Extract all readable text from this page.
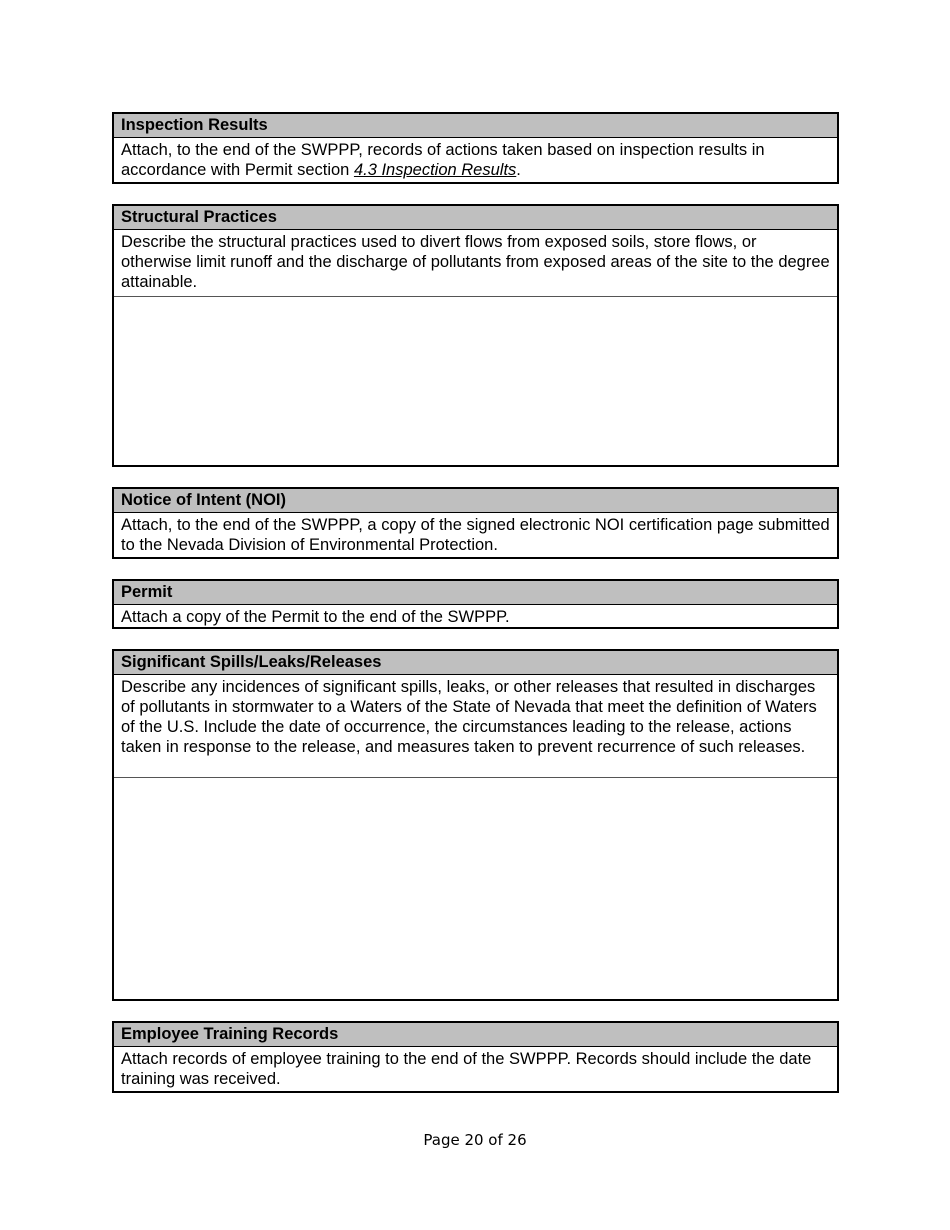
Inspection Results
Attach, to the end of the SWPPP, records of actions taken based on inspection results in accordance with Permit section 4.3 Inspection Results.
Structural Practices
Describe the structural practices used to divert flows from exposed soils, store flows, or otherwise limit runoff and the discharge of pollutants from exposed areas of the site to the degree attainable.
Notice of Intent (NOI)
Attach, to the end of the SWPPP, a copy of the signed electronic NOI certification page submitted to the Nevada Division of Environmental Protection.
Permit
Attach a copy of the Permit to the end of the SWPPP.
Significant Spills/Leaks/Releases
Describe any incidences of significant spills, leaks, or other releases that resulted in discharges of pollutants in stormwater to a Waters of the State of Nevada that meet the definition of Waters of the U.S. Include the date of occurrence, the circumstances leading to the release, actions taken in response to the release, and measures taken to prevent recurrence of such releases.
Employee Training Records
Attach records of employee training to the end of the SWPPP. Records should include the date training was received.
Page 20 of 26
